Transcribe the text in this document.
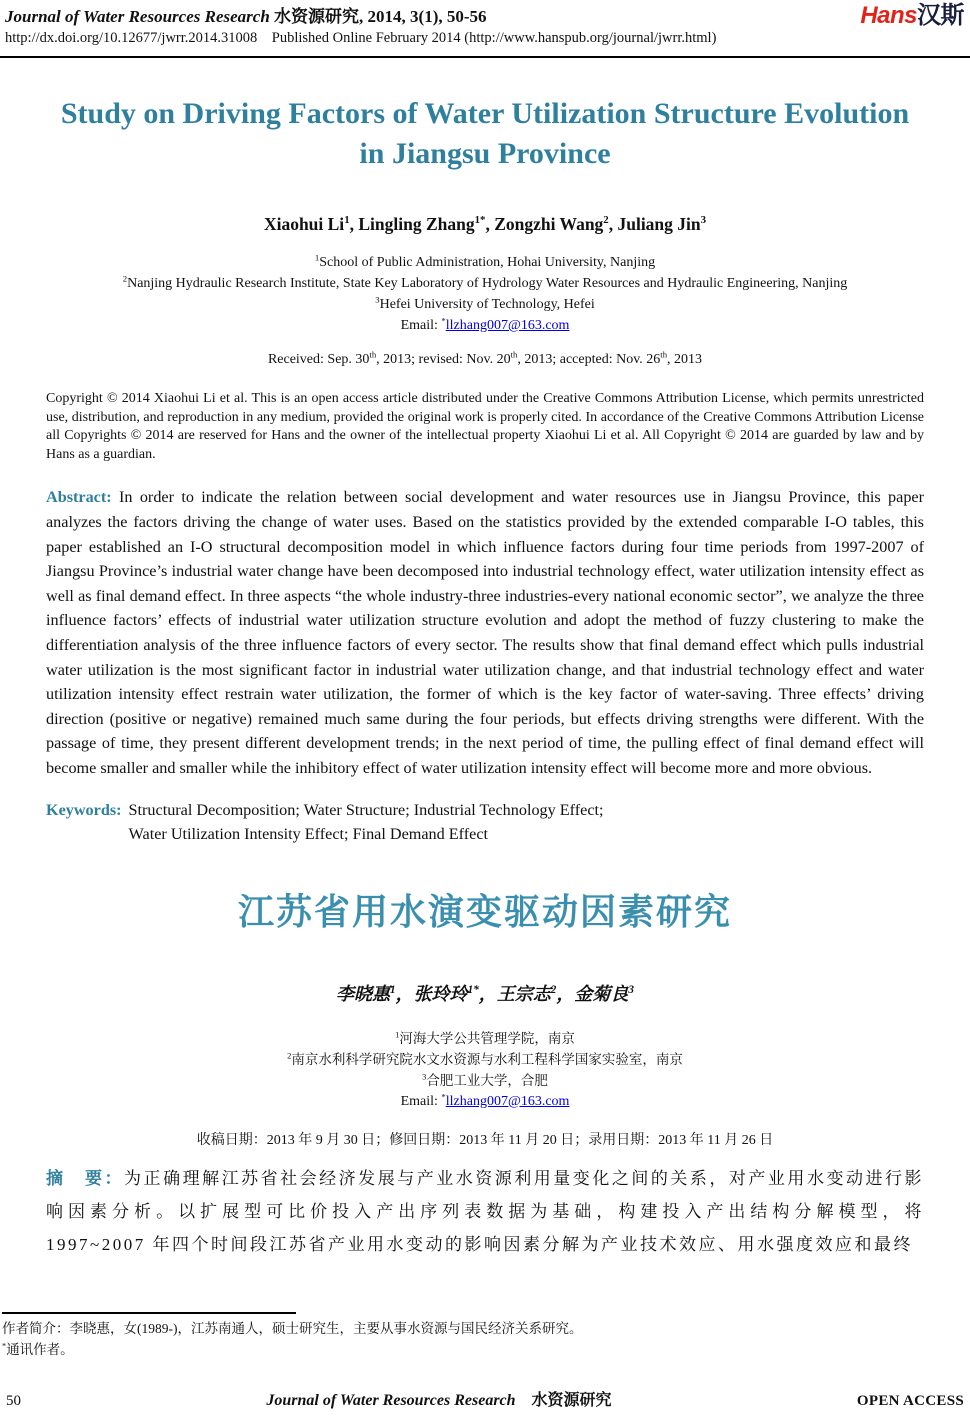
Journal of Water Resources Research 水资源研究, 2014, 3(1), 50-56
http://dx.doi.org/10.12677/jwrr.2014.31008    Published Online February 2014 (http://www.hanspub.org/journal/jwrr.html)
Hans汉斯
Study on Driving Factors of Water Utilization Structure Evolution in Jiangsu Province

Xiaohui Li$^1$, Lingling Zhang$^{1*}$, Zongzhi Wang$^2$, Juliang Jin$^3$

$^1$School of Public Administration, Hohai University, Nanjing
$^2$Nanjing Hydraulic Research Institute, State Key Laboratory of Hydrology Water Resources and Hydraulic Engineering, Nanjing
$^3$Hefei University of Technology, Hefei
Email: *llzhang007@163.com

Received: Sep. 30th, 2013; revised: Nov. 20th, 2013; accepted: Nov. 26th, 2013

Copyright © 2014 Xiaohui Li et al. This is an open access article distributed under the Creative Commons Attribution License, which permits unrestricted use, distribution, and reproduction in any medium, provided the original work is properly cited. In accordance of the Creative Commons Attribution License all Copyrights © 2014 are reserved for Hans and the owner of the intellectual property Xiaohui Li et al. All Copyright © 2014 are guarded by law and by Hans as a guardian.

Abstract: In order to indicate the relation between social development and water resources use in Jiangsu Province, this paper analyzes the factors driving the change of water uses. Based on the statistics provided by the extended comparable I-O tables, this paper established an I-O structural decomposition model in which influence factors during four time periods from 1997-2007 of Jiangsu Province’s industrial water change have been decomposed into industrial technology effect, water utilization intensity effect as well as final demand effect. In three aspects “the whole industry-three industries-every national economic sector”, we analyze the three influence factors’ effects of industrial water utilization structure evolution and adopt the method of fuzzy clustering to make the differentiation analysis of the three influence factors of every sector. The results show that final demand effect which pulls industrial water utilization is the most significant factor in industrial water utilization change, and that industrial technology effect and water utilization intensity effect restrain water utilization, the former of which is the key factor of water-saving. Three effects’ driving direction (positive or negative) remained much same during the four periods, but effects driving strengths were different. With the passage of time, they present different development trends; in the next period of time, the pulling effect of final demand effect will become smaller and smaller while the inhibitory effect of water utilization intensity effect will become more and more obvious.

Keywords: Structural Decomposition; Water Structure; Industrial Technology Effect;
Water Utilization Intensity Effect; Final Demand Effect
江苏省用水演变驱动因素研究

李晓惠$^1$，张玲玲$^{1*}$，王宗志$^2$，金菊良$^3$

$^1$河海大学公共管理学院，南京
$^2$南京水利科学研究院水文水资源与水利工程科学国家实验室，南京
$^3$合肥工业大学，合肥
Email: *llzhang007@163.com

收稿日期：2013 年 9 月 30 日；修回日期：2013 年 11 月 20 日；录用日期：2013 年 11 月 26 日

摘　要：为正确理解江苏省社会经济发展与产业水资源利用量变化之间的关系，对产业用水变动进行影响因素分析。以扩展型可比价投入产出序列表数据为基础，构建投入产出结构分解模型，将 1997~2007 年四个时间段江苏省产业用水变动的影响因素分解为产业技术效应、用水强度效应和最终

作者简介：李晓惠，女(1989-)，江苏南通人，硕士研究生，主要从事水资源与国民经济关系研究。
*通讯作者。
50	Journal of Water Resources Research　水资源研究	OPEN ACCESS
